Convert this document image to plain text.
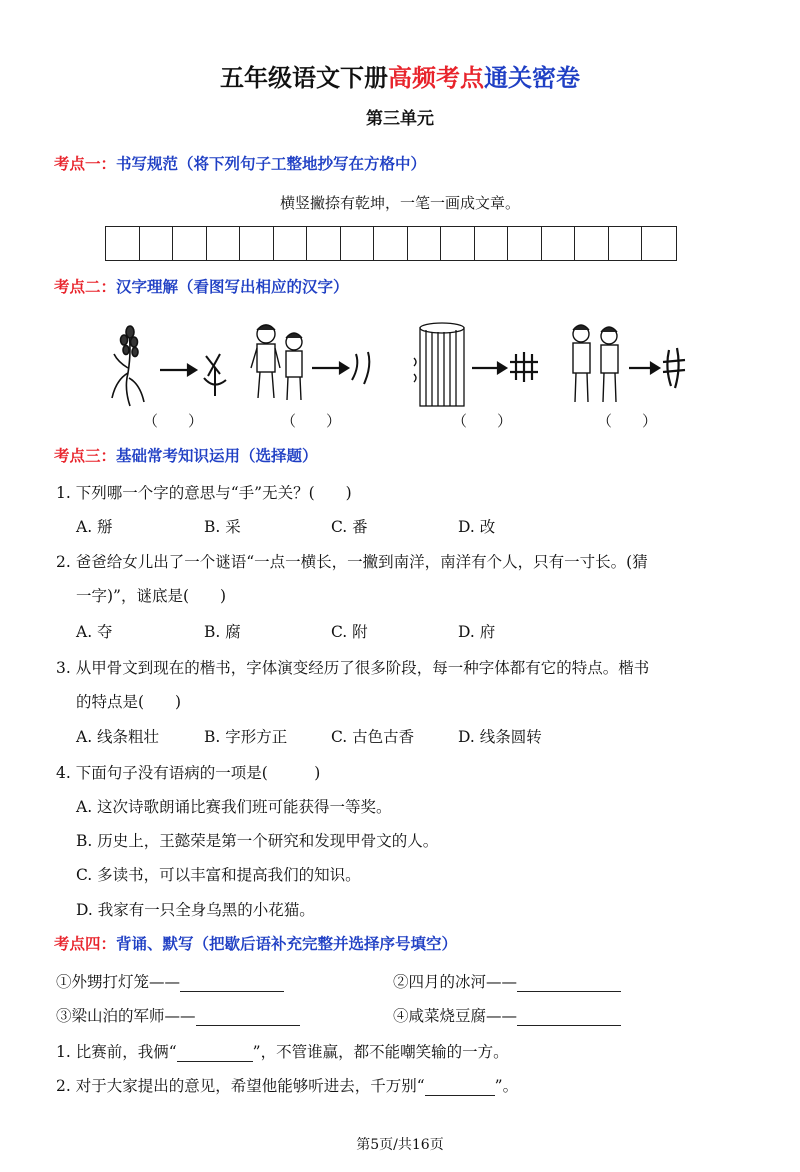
五年级语文下册高频考点通关密卷
第三单元
考点一：书写规范（将下列句子工整地抄写在方格中）
横竖撇捺有乾坤，一笔一画成文章。
考点二：汉字理解（看图写出相应的汉字）
（　　）	（　　）	（　　）	（　　）
考点三：基础常考知识运用（选择题）
1. 下列哪一个字的意思与“手”无关？(　　)
A. 掰	B. 采	C. 番	D. 改
2. 爸爸给女儿出了一个谜语“一点一横长，一撇到南洋，南洋有个人，只有一寸长。(猜
一字)”，谜底是(　　)
A. 夺	B. 腐	C. 附	D. 府
3. 从甲骨文到现在的楷书，字体演变经历了很多阶段，每一种字体都有它的特点。楷书
的特点是(　　)
A. 线条粗壮	B. 字形方正	C. 古色古香	D. 线条圆转
4. 下面句子没有语病的一项是(　　　)
A. 这次诗歌朗诵比赛我们班可能获得一等奖。
B. 历史上，王懿荣是第一个研究和发现甲骨文的人。
C. 多读书，可以丰富和提高我们的知识。
D. 我家有一只全身乌黑的小花猫。
考点四：背诵、默写（把歇后语补充完整并选择序号填空）
①外甥打灯笼——	②四月的冰河——
③梁山泊的军师——	④咸菜烧豆腐——
1. 比赛前，我俩“	”，不管谁赢，都不能嘲笑输的一方。
2. 对于大家提出的意见，希望他能够听进去，千万别“	”。
第5页/共16页
